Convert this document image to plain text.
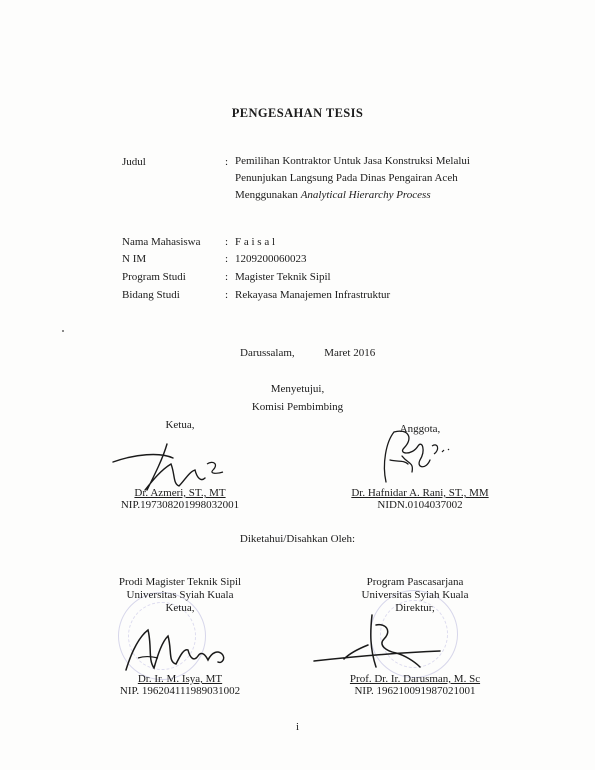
PENGESAHAN TESIS
Judul	: Pemilihan Kontraktor Untuk Jasa Konstruksi Melalui
Penunjukan Langsung Pada Dinas Pengairan Aceh
Menggunakan Analytical Hierarchy Process
Nama Mahasiswa : F a i s a l
N IM	: 1209200060023
Program Studi	: Magister Teknik Sipil
Bidang Studi	: Rekayasa Manajemen Infrastruktur
Darussalam,	Maret 2016
Menyetujui,
Komisi Pembimbing
Ketua,
Dr. Azmeri, ST., MT
NIP.197308201998032001
Anggota,
Dr. Hafnidar A. Rani, ST., MM
NIDN.0104037002
Diketahui/Disahkan Oleh:
Prodi Magister Teknik Sipil
Universitas Syiah Kuala
Ketua,
Dr. Ir. M. Isya, MT
NIP. 196204111989031002
Program Pascasarjana
Universitas Syiah Kuala
Direktur,
Prof. Dr. Ir. Darusman, M. Sc
NIP. 196210091987021001
i
